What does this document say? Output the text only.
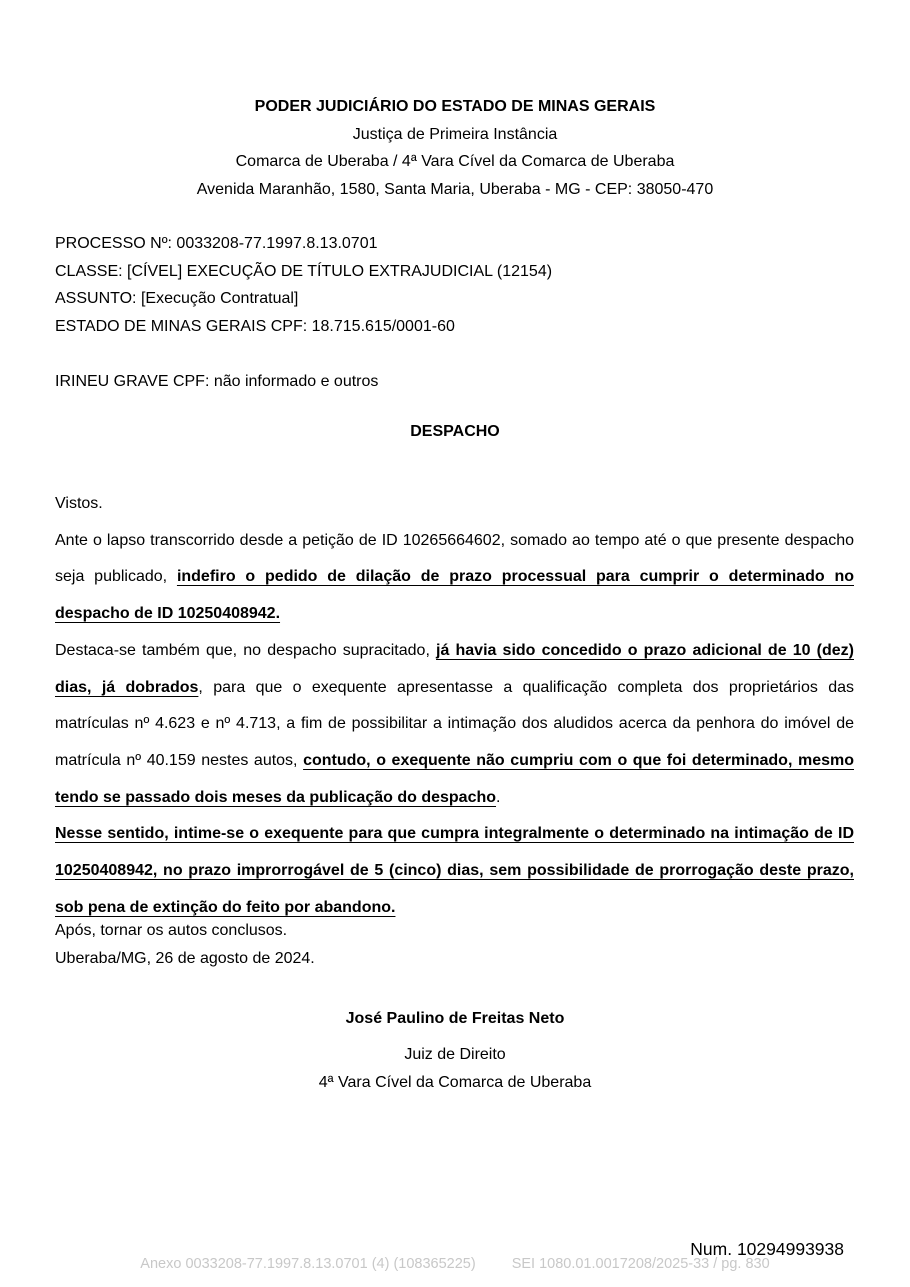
PODER JUDICIÁRIO DO ESTADO DE MINAS GERAIS
Justiça de Primeira Instância
Comarca de Uberaba / 4ª Vara Cível da Comarca de Uberaba
Avenida Maranhão, 1580, Santa Maria, Uberaba - MG - CEP: 38050-470
PROCESSO Nº: 0033208-77.1997.8.13.0701
CLASSE: [CÍVEL] EXECUÇÃO DE TÍTULO EXTRAJUDICIAL (12154)
ASSUNTO: [Execução Contratual]
ESTADO DE MINAS GERAIS CPF: 18.715.615/0001-60
IRINEU GRAVE CPF: não informado e outros
DESPACHO

Vistos.

Ante o lapso transcorrido desde a petição de ID 10265664602, somado ao tempo até o que presente despacho seja publicado, indefiro o pedido de dilação de prazo processual para cumprir o determinado no despacho de ID 10250408942.

Destaca-se também que, no despacho supracitado, já havia sido concedido o prazo adicional de 10 (dez) dias, já dobrados, para que o exequente apresentasse a qualificação completa dos proprietários das matrículas nº 4.623 e nº 4.713, a fim de possibilitar a intimação dos aludidos acerca da penhora do imóvel de matrícula nº 40.159 nestes autos, contudo, o exequente não cumpriu com o que foi determinado, mesmo tendo se passado dois meses da publicação do despacho.

Nesse sentido, intime-se o exequente para que cumpra integralmente o determinado na intimação de ID 10250408942, no prazo improrrogável de 5 (cinco) dias, sem possibilidade de prorrogação deste prazo, sob pena de extinção do feito por abandono.

Após, tornar os autos conclusos.
Uberaba/MG, 26 de agosto de 2024.
José Paulino de Freitas Neto
Juiz de Direito
4ª Vara Cível da Comarca de Uberaba
Num. 10294993938
Anexo 0033208-77.1997.8.13.0701 (4) (108365225) SEI 1080.01.0017208/2025-33 / pg. 830
